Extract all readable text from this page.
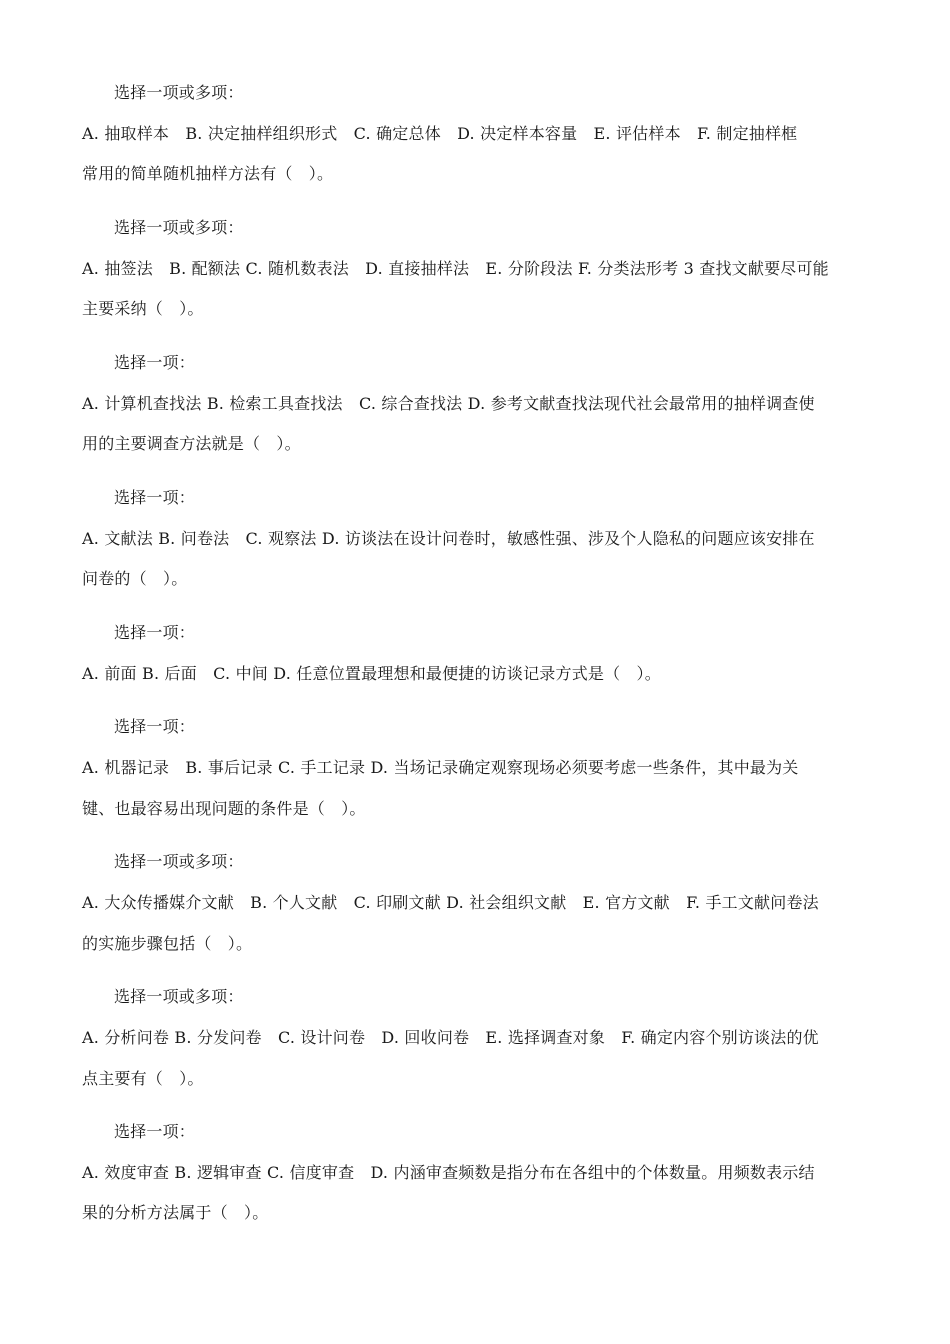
选择一项或多项：
A. 抽取样本　B. 决定抽样组织形式　C. 确定总体　D. 决定样本容量　E. 评估样本　F. 制定抽样框
常用的简单随机抽样方法有（　）。
选择一项或多项：
A. 抽签法　B. 配额法 C. 随机数表法　D. 直接抽样法　E. 分阶段法 F. 分类法形考 3 查找文献要尽可能
主要采纳（　）。
选择一项：
A. 计算机查找法 B. 检索工具查找法　C. 综合查找法 D. 参考文献查找法现代社会最常用的抽样调查使
用的主要调查方法就是（　）。
选择一项：
A. 文献法 B. 问卷法　C. 观察法 D. 访谈法在设计问卷时，敏感性强、涉及个人隐私的问题应该安排在
问卷的（　）。
选择一项：
A. 前面 B. 后面　C. 中间 D. 任意位置最理想和最便捷的访谈记录方式是（　）。
选择一项：
A. 机器记录　B. 事后记录 C. 手工记录 D. 当场记录确定观察现场必须要考虑一些条件，其中最为关
键、也最容易出现问题的条件是（　）。
选择一项或多项：
A. 大众传播媒介文献　B. 个人文献　C. 印刷文献 D. 社会组织文献　E. 官方文献　F. 手工文献问卷法
的实施步骤包括（　）。
选择一项或多项：
A. 分析问卷 B. 分发问卷　C. 设计问卷　D. 回收问卷　E. 选择调查对象　F. 确定内容个别访谈法的优
点主要有（　）。
选择一项：
A. 效度审查 B. 逻辑审查 C. 信度审查　D. 内涵审查频数是指分布在各组中的个体数量。用频数表示结
果的分析方法属于（　）。
